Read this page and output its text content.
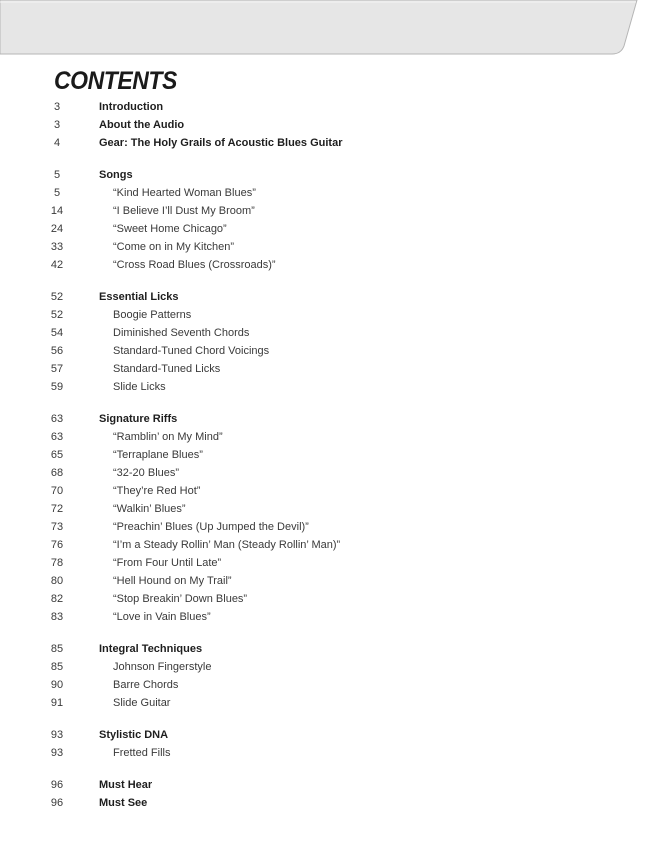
CONTENTS
3	Introduction
3	About the Audio
4	Gear: The Holy Grails of Acoustic Blues Guitar
5	Songs
5	“Kind Hearted Woman Blues”
14	“I Believe I’ll Dust My Broom”
24	“Sweet Home Chicago”
33	“Come on in My Kitchen”
42	“Cross Road Blues (Crossroads)”
52	Essential Licks
52	Boogie Patterns
54	Diminished Seventh Chords
56	Standard-Tuned Chord Voicings
57	Standard-Tuned Licks
59	Slide Licks
63	Signature Riffs
63	“Ramblin’ on My Mind”
65	“Terraplane Blues”
68	“32-20 Blues”
70	“They’re Red Hot”
72	“Walkin’ Blues”
73	“Preachin’ Blues (Up Jumped the Devil)”
76	“I’m a Steady Rollin’ Man (Steady Rollin’ Man)”
78	“From Four Until Late”
80	“Hell Hound on My Trail”
82	“Stop Breakin’ Down Blues”
83	“Love in Vain Blues”
85	Integral Techniques
85	Johnson Fingerstyle
90	Barre Chords
91	Slide Guitar
93	Stylistic DNA
93	Fretted Fills
96	Must Hear
96	Must See
